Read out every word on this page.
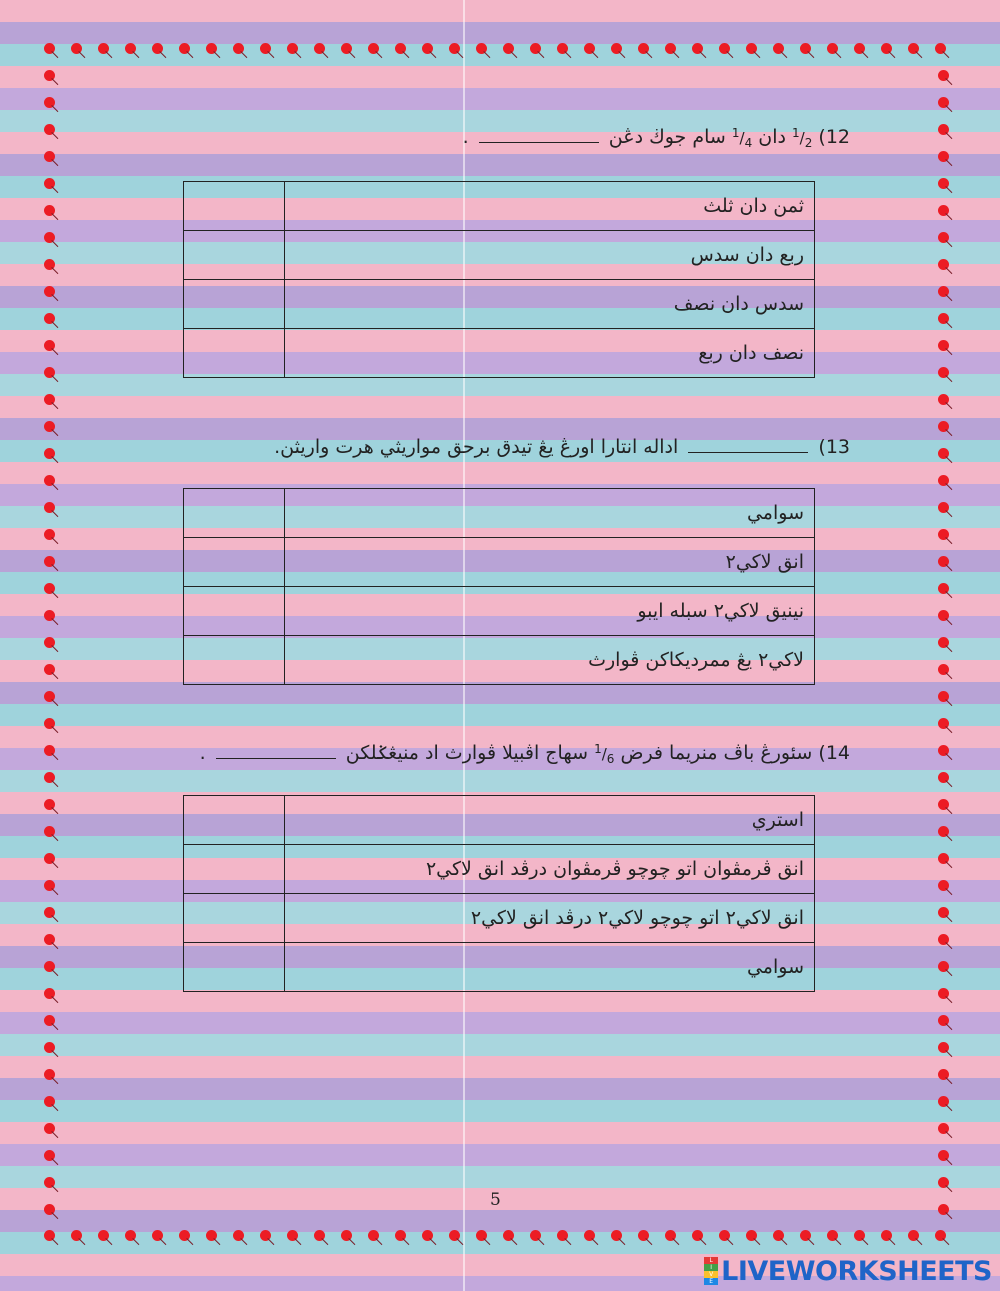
12) $^1/_2$ دان $^1/_4$ سام جوڬ دڠن  .
	ثمن دان ثلث
	ربع دان سدس
	سدس دان نصف
	نصف دان ربع
13)  اداله انتارا اورڠ يڠ تيدق برحق مواريثي هرت واريثن.
	سوامي
	انق لاکي٢
	نينيق لاکي٢ سبله ايبو
	لاکي٢ يڠ ممرديکاکن ڤوارث
14) سئورڠ باڤ منريما فرض $^1/_6$ سهاج اڤبيلا ڤوارث اد منيڠݢلکن  .
	استري
	انق ڤرمڤوان اتو چوچو ڤرمڤوان درڤد انق لاکي٢
	انق لاکي٢ اتو چوچو لاکي٢ درڤد انق لاکي٢
	سوامي
5
L
I
V
E LIVEWORKSHEETS
